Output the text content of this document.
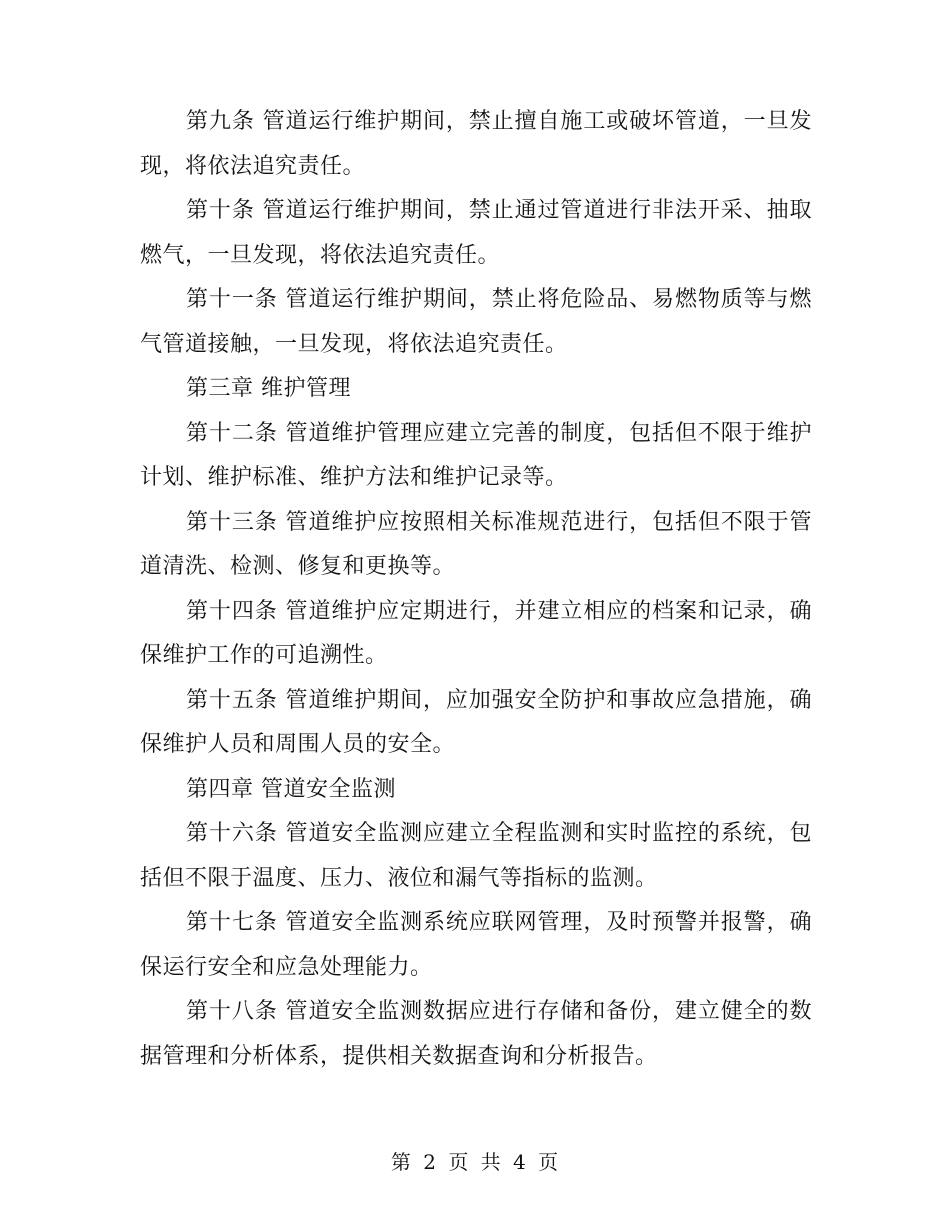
第九条 管道运行维护期间，禁止擅自施工或破坏管道，一旦发现，将依法追究责任。

第十条 管道运行维护期间，禁止通过管道进行非法开采、抽取燃气，一旦发现，将依法追究责任。

第十一条 管道运行维护期间，禁止将危险品、易燃物质等与燃气管道接触，一旦发现，将依法追究责任。

第三章 维护管理

第十二条 管道维护管理应建立完善的制度，包括但不限于维护计划、维护标准、维护方法和维护记录等。

第十三条 管道维护应按照相关标准规范进行，包括但不限于管道清洗、检测、修复和更换等。

第十四条 管道维护应定期进行，并建立相应的档案和记录，确保维护工作的可追溯性。

第十五条 管道维护期间，应加强安全防护和事故应急措施，确保维护人员和周围人员的安全。

第四章 管道安全监测

第十六条 管道安全监测应建立全程监测和实时监控的系统，包括但不限于温度、压力、液位和漏气等指标的监测。

第十七条 管道安全监测系统应联网管理，及时预警并报警，确保运行安全和应急处理能力。

第十八条 管道安全监测数据应进行存储和备份，建立健全的数据管理和分析体系，提供相关数据查询和分析报告。

第 2 页 共 4 页
